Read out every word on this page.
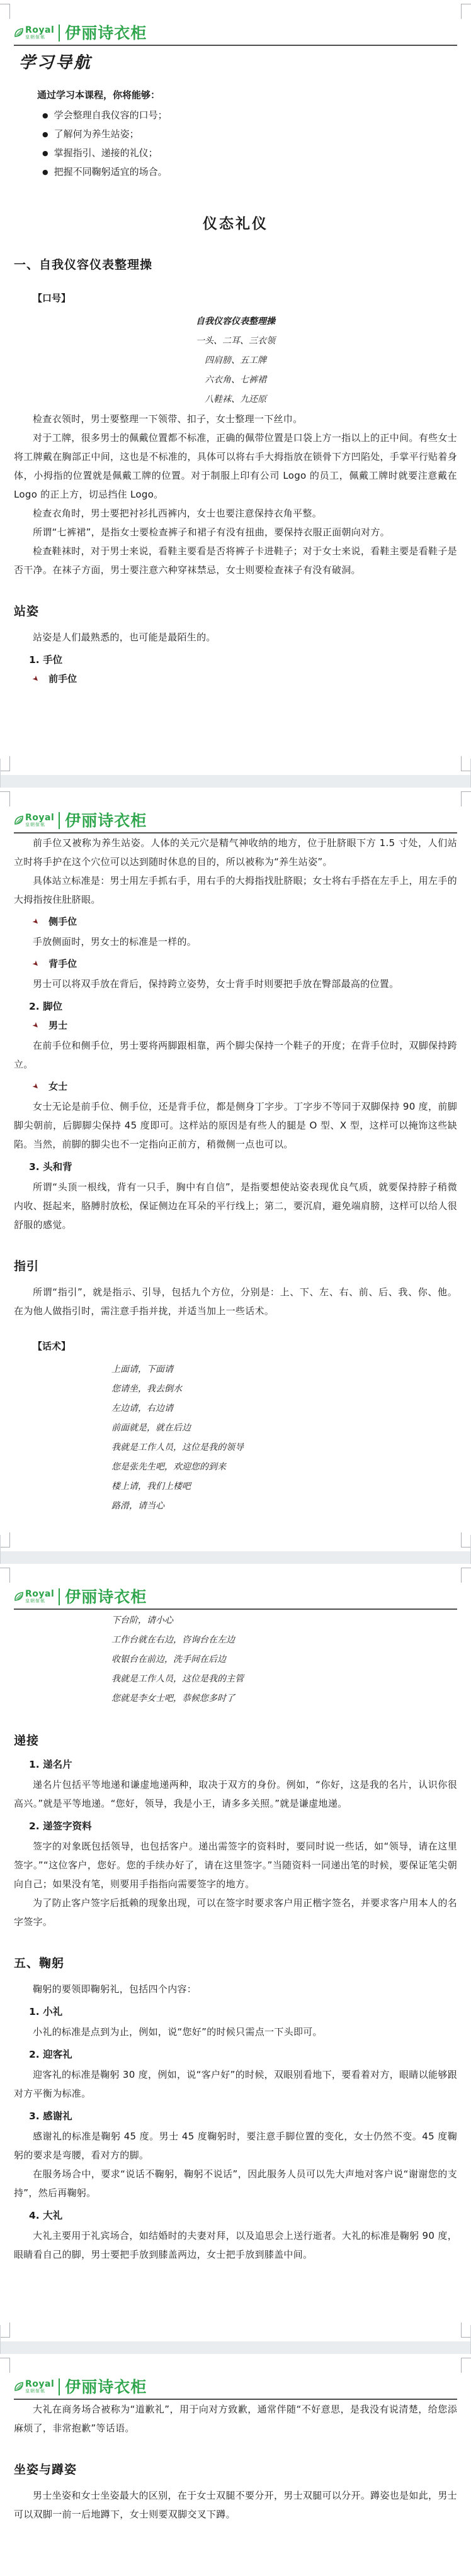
Royal
皇朝傢俬	伊丽诗衣柜
学习导航
通过学习本课程，你将能够：
● 学会整理自我仪容的口号；
● 了解何为养生站姿；
● 掌握指引、递接的礼仪；
● 把握不同鞠躬适宜的场合。
仪态礼仪
一、自我仪容仪表整理操
【口号】
自我仪容仪表整理操
一头、二耳、三衣领
四肩膀、五工牌
六衣角、七裤裙
八鞋袜、九还原

检查衣领时，男士要整理一下领带、扣子，女士整理一下丝巾。

对于工牌，很多男士的佩戴位置都不标准，正确的佩带位置是口袋上方一指以上的正中间。有些女士将工牌戴在胸部正中间，这也是不标准的，具体可以将右手大拇指放在锁骨下方凹陷处，手掌平行贴着身体，小拇指的位置就是佩戴工牌的位置。对于制服上印有公司 Logo 的员工，佩戴工牌时就要注意戴在 Logo 的正上方，切忌挡住 Logo。

检查衣角时，男士要把衬衫扎西裤内，女士也要注意保持衣角平整。

所谓“七裤裙”，是指女士要检查裤子和裙子有没有扭曲，要保持衣服正面朝向对方。

检查鞋袜时，对于男士来说，看鞋主要看是否将裤子卡进鞋子；对于女士来说，看鞋主要是看鞋子是否干净。在袜子方面，男士要注意六种穿袜禁忌，女士则要检查袜子有没有破洞。

站姿

站姿是人们最熟悉的，也可能是最陌生的。

1. 手位
➤ 前手位
Royal
皇朝傢俬	伊丽诗衣柜

前手位又被称为养生站姿。人体的关元穴是精气神收纳的地方，位于肚脐眼下方 1.5 寸处，人们站立时将手护在这个穴位可以达到随时休息的目的，所以被称为“养生站姿”。

具体站立标准是：男士用左手抓右手，用右手的大拇指找肚脐眼；女士将右手搭在左手上，用左手的大拇指按住肚脐眼。

➤ 侧手位

手放侧面时，男女士的标准是一样的。

➤ 背手位

男士可以将双手放在背后，保持跨立姿势，女士背手时则要把手放在臀部最高的位置。

2. 脚位
➤ 男士

在前手位和侧手位，男士要将两脚跟相靠，两个脚尖保持一个鞋子的开度；在背手位时，双脚保持跨立。

➤ 女士

女士无论是前手位、侧手位，还是背手位，都是侧身丁字步。丁字步不等同于双脚保持 90 度，前脚脚尖朝前，后脚脚尖保持 45 度即可。这样站的原因是有些人的腿是 O 型、X 型，这样可以掩饰这些缺陷。当然，前脚的脚尖也不一定指向正前方，稍微侧一点也可以。

3. 头和背

所谓“头顶一根线，背有一只手，胸中有自信”，是指要想使站姿表现优良气质，就要保持脖子稍微内收、挺起来，胳膊肘放松，保证侧边在耳朵的平行线上；第二，要沉肩，避免端肩膀，这样可以给人很舒服的感觉。

指引

所谓“指引”，就是指示、引导，包括九个方位，分别是：上、下、左、右、前、后、我、你、他。在为他人做指引时，需注意手指并拢，并适当加上一些话术。

【话术】
上面请，下面请
您请坐，我去倒水
左边请，右边请
前面就是，就在后边
我就是工作人员，这位是我的领导
您是张先生吧，欢迎您的到来
楼上请，我们上楼吧
路滑，请当心
Royal
皇朝傢俬	伊丽诗衣柜
下台阶，请小心
工作台就在右边，咨询台在左边
收银台在前边，洗手间在后边
我就是工作人员，这位是我的主管
您就是李女士吧，恭候您多时了
递接
1. 递名片

递名片包括平等地递和谦虚地递两种，取决于双方的身份。例如，“你好，这是我的名片，认识你很高兴。”就是平等地递。“您好，领导，我是小王，请多多关照。”就是谦虚地递。

2. 递签字资料

签字的对象既包括领导，也包括客户。递出需签字的资料时，要同时说一些话，如“领导，请在这里签字。”“这位客户，您好。您的手续办好了，请在这里签字。”当随资料一同递出笔的时候，要保证笔尖朝向自己；如果没有笔，则要用手指指向需要签字的地方。

为了防止客户签字后抵赖的现象出现，可以在签字时要求客户用正楷字签名，并要求客户用本人的名字签字。

五、鞠躬

鞠躬的要领即鞠躬礼，包括四个内容：

1. 小礼

小礼的标准是点到为止，例如，说“您好”的时候只需点一下头即可。

2. 迎客礼

迎客礼的标准是鞠躬 30 度，例如，说“客户好”的时候，双眼别看地下，要看着对方，眼睛以能够跟对方平衡为标准。

3. 感谢礼

感谢礼的标准是鞠躬 45 度。男士 45 度鞠躬时，要注意手脚位置的变化，女士仍然不变。45 度鞠躬的要求是弯腰，看对方的脚。

在服务场合中，要求“说话不鞠躬，鞠躬不说话”，因此服务人员可以先大声地对客户说“谢谢您的支持”，然后再鞠躬。

4. 大礼

大礼主要用于礼宾场合，如结婚时的夫妻对拜，以及追思会上送行逝者。大礼的标准是鞠躬 90 度，眼睛看自己的脚，男士要把手放到膝盖两边，女士把手放到膝盖中间。

Royal
皇朝傢俬	伊丽诗衣柜

大礼在商务场合被称为“道歉礼”，用于向对方致歉，通常伴随“不好意思，是我没有说清楚，给您添麻烦了，非常抱歉”等话语。

坐姿与蹲姿

男士坐姿和女士坐姿最大的区别，在于女士双腿不要分开，男士双腿可以分开。蹲姿也是如此，男士可以双脚一前一后地蹲下，女士则要双脚交叉下蹲。
